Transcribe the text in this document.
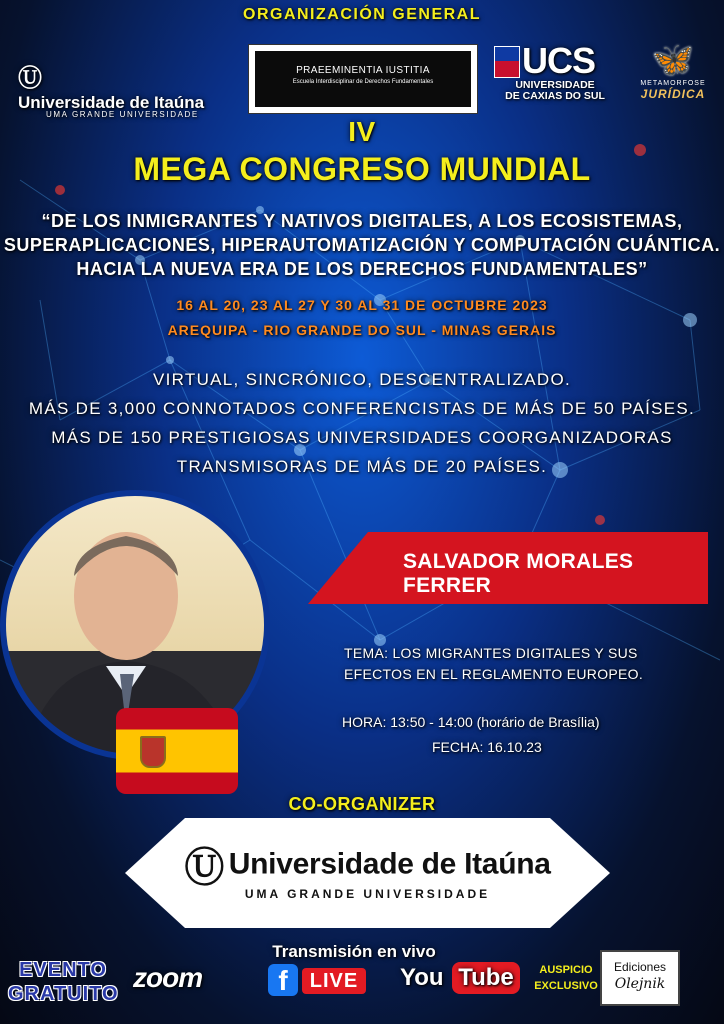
ORGANIZACIÓN GENERAL
Ⓤ Universidade de Itaúna
UMA GRANDE UNIVERSIDADE
PRAEEMINENTIA IUSTITIA
Escuela Interdisciplinar de Derechos Fundamentales
UCS
UNIVERSIDADE
DE CAXIAS DO SUL
🦋
METAMORFOSE
JURÍDICA
IV
MEGA CONGRESO MUNDIAL
“DE LOS INMIGRANTES Y NATIVOS DIGITALES, A LOS ECOSISTEMAS,
SUPERAPLICACIONES, HIPERAUTOMATIZACIÓN Y COMPUTACIÓN CUÁNTICA.
HACIA LA NUEVA ERA DE LOS DERECHOS FUNDAMENTALES”
16 AL 20, 23 AL 27 Y 30 AL 31 DE OCTUBRE 2023
AREQUIPA - RIO GRANDE DO SUL - MINAS GERAIS
VIRTUAL, SINCRÓNICO, DESCENTRALIZADO.
MÁS DE 3,000 CONNOTADOS CONFERENCISTAS DE MÁS DE 50 PAÍSES.
MÁS DE 150 PRESTIGIOSAS UNIVERSIDADES COORGANIZADORAS
TRANSMISORAS DE MÁS DE 20 PAÍSES.
SALVADOR MORALES FERRER
TEMA: LOS MIGRANTES DIGITALES Y SUS
EFECTOS EN EL REGLAMENTO EUROPEO.
HORA: 13:50 - 14:00 (horário de Brasília)
FECHA: 16.10.23
CO-ORGANIZER
Ⓤ Universidade de Itaúna
UMA GRANDE UNIVERSIDADE
Transmisión en vivo
EVENTO
GRATUITO
zoom	f	LIVE	You Tube	AUSPICIO
EXCLUSIVO
Ediciones
Olejnik
